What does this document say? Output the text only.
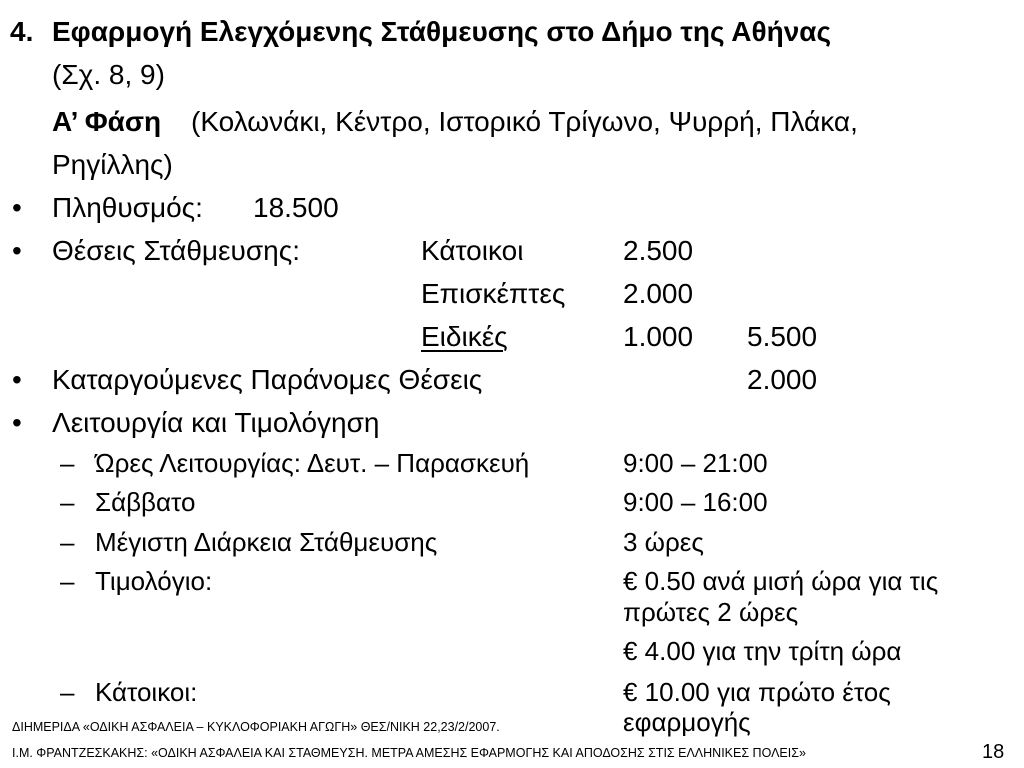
4. Εφαρμογή Ελεγχόμενης Στάθμευσης στο Δήμο της Αθήνας
(Σχ. 8, 9)
Α’ Φάση (Κολωνάκι, Κέντρο, Ιστορικό Τρίγωνο, Ψυρρή, Πλάκα,
Ρηγίλλης)
• Πληθυσμός: 18.500
• Θέσεις Στάθμευσης:	Κάτοικοι	2.500
Επισκέπτες 2.000
Ειδικές	1.000 5.500
• Καταργούμενες Παράνομες Θέσεις	2.000
• Λειτουργία και Τιμολόγηση
– Ώρες Λειτουργίας: Δευτ. – Παρασκευή	9:00 – 21:00
– Σάββατο	9:00 – 16:00
– Μέγιστη Διάρκεια Στάθμευσης	3 ώρες
– Τιμολόγιο:	€ 0.50 ανά μισή ώρα για τις
πρώτες 2 ώρες
€ 4.00 για την τρίτη ώρα
– Κάτοικοι:	€ 10.00 για πρώτο έτος
εφαρμογής
ΔΙΗΜΕΡΙΔΑ «ΟΔΙΚΗ ΑΣΦΑΛΕΙΑ – ΚΥΚΛΟΦΟΡΙΑΚΗ ΑΓΩΓΗ» ΘΕΣ/ΝΙΚΗ 22,23/2/2007.
Ι.Μ. ΦΡΑΝΤΖΕΣΚΑΚΗΣ: «ΟΔΙΚΗ ΑΣΦΑΛΕΙΑ ΚΑΙ ΣΤΑΘΜΕΥΣΗ. ΜΕΤΡΑ ΑΜΕΣΗΣ ΕΦΑΡΜΟΓΗΣ ΚΑΙ ΑΠΟΔΟΣΗΣ ΣΤΙΣ ΕΛΛΗΝΙΚΕΣ ΠΟΛΕΙΣ»	18
